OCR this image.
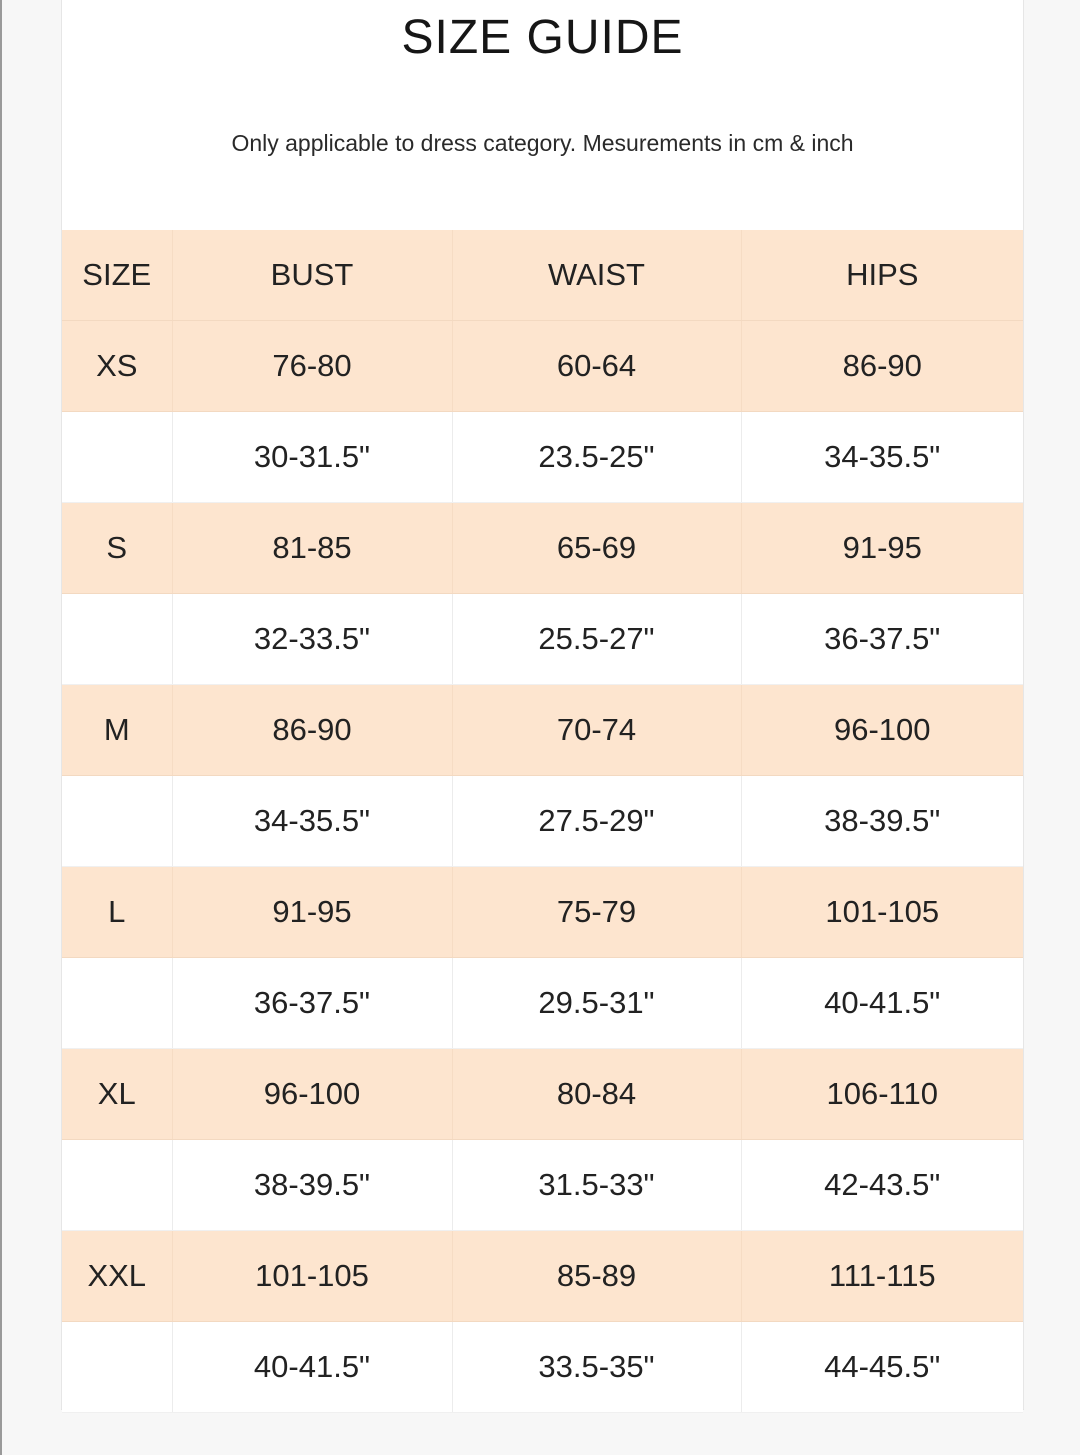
SIZE GUIDE
Only applicable to dress category. Mesurements in cm & inch
SIZE	BUST	WAIST	HIPS
XS	76-80	60-64	86-90
	30-31.5"	23.5-25"	34-35.5"
S	81-85	65-69	91-95
	32-33.5"	25.5-27"	36-37.5"
M	86-90	70-74	96-100
	34-35.5"	27.5-29"	38-39.5"
L	91-95	75-79	101-105
	36-37.5"	29.5-31"	40-41.5"
XL	96-100	80-84	106-110
	38-39.5"	31.5-33"	42-43.5"
XXL	101-105	85-89	111-115
	40-41.5"	33.5-35"	44-45.5"
